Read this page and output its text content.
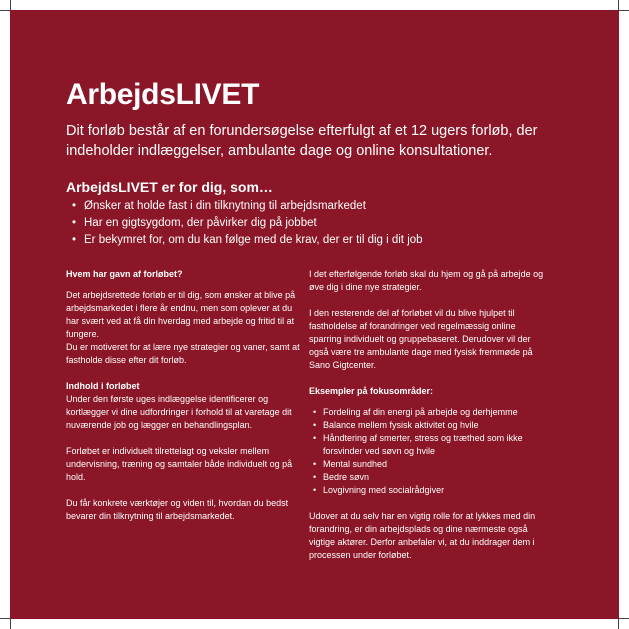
ArbejdsLIVET

Dit forløb består af en forundersøgelse efterfulgt af et 12 ugers forløb, der indeholder indlæggelser, ambulante dage og online konsultationer.

ArbejdsLIVET er for dig, som…
• Ønsker at holde fast i din tilknytning til arbejdsmarkedet
• Har en gigtsygdom, der påvirker dig på jobbet
• Er bekymret for, om du kan følge med de krav, der er til dig i dit job
Hvem har gavn af forløbet?

Det arbejdsrettede forløb er til dig, som ønsker at blive på arbejdsmarkedet i flere år endnu, men som oplever at du har svært ved at få din hverdag med arbejde og fritid til at fungere.

Du er motiveret for at lære nye strategier og vaner, samt at fastholde disse efter dit forløb.

Indhold i forløbet

Under den første uges indlæggelse identificerer og kortlægger vi dine udfordringer i forhold til at varetage dit nuværende job og lægger en behandlingsplan.

Forløbet er individuelt tilrettelagt og veksler mellem undervisning, træning og samtaler både individuelt og på hold.

Du får konkrete værktøjer og viden til, hvordan du bedst bevarer din tilknytning til arbejdsmarkedet.

I det efterfølgende forløb skal du hjem og gå på arbejde og øve dig i dine nye strategier.

I den resterende del af forløbet vil du blive hjulpet til fastholdelse af forandringer ved regelmæssig online sparring individuelt og gruppebaseret. Derudover vil der også være tre ambulante dage med fysisk fremmøde på Sano Gigtcenter.

Eksempler på fokusområder:
• Fordeling af din energi på arbejde og derhjemme
• Balance mellem fysisk aktivitet og hvile
• Håndtering af smerter, stress og træthed som ikke forsvinder ved søvn og hvile
• Mental sundhed
• Bedre søvn
• Lovgivning med socialrådgiver

Udover at du selv har en vigtig rolle for at lykkes med din forandring, er din arbejdsplads og dine nærmeste også vigtige aktører. Derfor anbefaler vi, at du inddrager dem i processen under forløbet.
